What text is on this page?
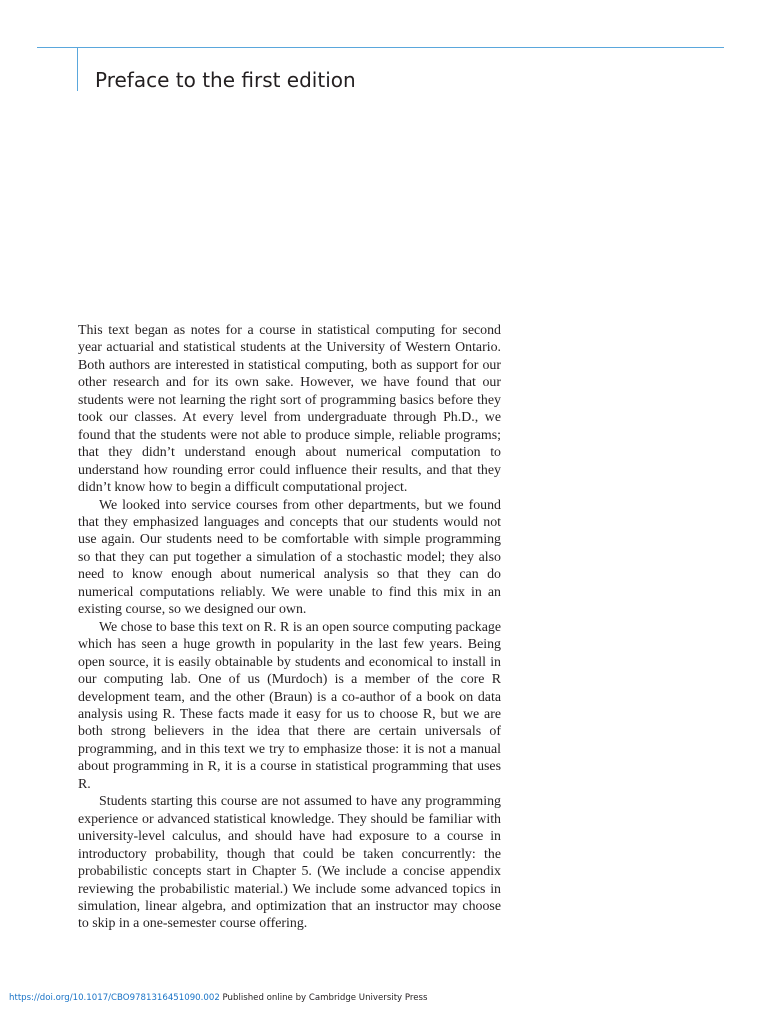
Preface to the first edition

This text began as notes for a course in statistical computing for second year actuarial and statistical students at the University of Western Ontario. Both authors are interested in statistical computing, both as support for our other research and for its own sake. However, we have found that our students were not learning the right sort of programming basics before they took our classes. At every level from undergraduate through Ph.D., we found that the students were not able to produce simple, reliable programs; that they didn’t understand enough about numerical computation to understand how rounding error could influence their results, and that they didn’t know how to begin a difficult computational project.

We looked into service courses from other departments, but we found that they emphasized languages and concepts that our students would not use again. Our students need to be comfortable with simple programming so that they can put together a simulation of a stochastic model; they also need to know enough about numerical analysis so that they can do numerical computations reliably. We were unable to find this mix in an existing course, so we designed our own.

We chose to base this text on R. R is an open source computing package which has seen a huge growth in popularity in the last few years. Being open source, it is easily obtainable by students and economical to install in our computing lab. One of us (Murdoch) is a member of the core R development team, and the other (Braun) is a co-author of a book on data analysis using R. These facts made it easy for us to choose R, but we are both strong believers in the idea that there are certain universals of programming, and in this text we try to emphasize those: it is not a manual about programming in R, it is a course in statistical programming that uses R.

Students starting this course are not assumed to have any programming experience or advanced statistical knowledge. They should be familiar with university-level calculus, and should have had exposure to a course in introductory probability, though that could be taken concurrently: the probabilistic concepts start in Chapter 5. (We include a concise appendix reviewing the probabilistic material.) We include some advanced topics in simulation, linear algebra, and optimization that an instructor may choose to skip in a one-semester course offering.

https://doi.org/10.1017/CBO9781316451090.002 Published online by Cambridge University Press
